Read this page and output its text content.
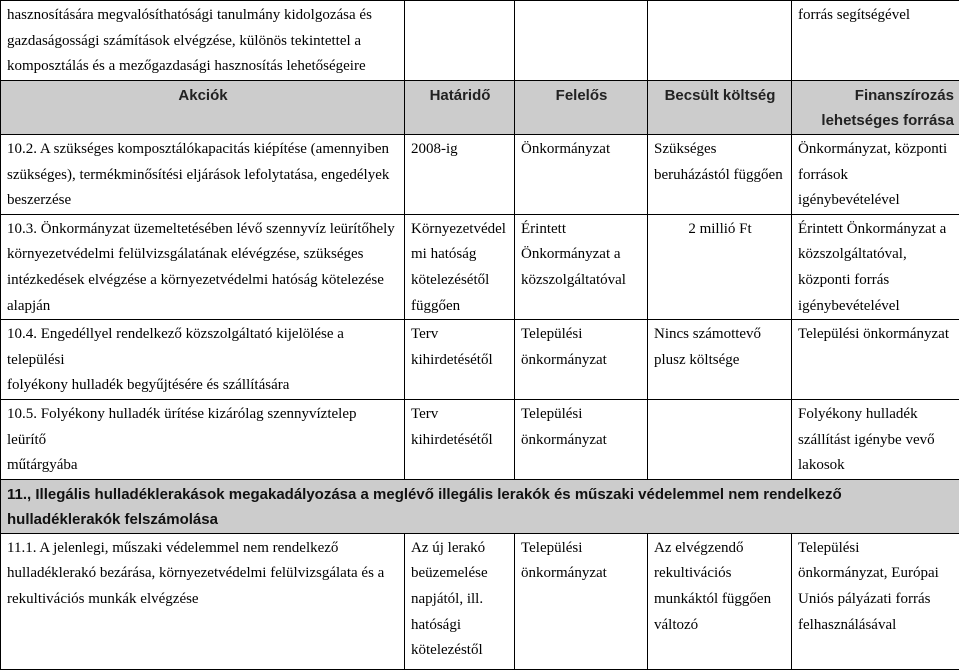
hasznosítására megvalósíthatósági tanulmány kidolgozása és
gazdaságossági számítások elvégzése, különös tekintettel a
komposztálás és a mezőgazdasági hasznosítás lehetőségeire				forrás segítségével

Akciók	Határidő	Felelős	Becsült költség	Finanszírozás
lehetséges forrása

10.2. A szükséges komposztálókapacitás kiépítése (amennyiben
szükséges), termékminősítési eljárások lefolytatása, engedélyek
beszerzése	2008-ig	Önkormányzat	Szükséges
beruházástól függően	Önkormányzat, központi
források
igénybevételével

10.3. Önkormányzat üzemeltetésében lévő szennyvíz leürítőhely
környezetvédelmi felülvizsgálatának elévégzése, szükséges
intézkedések elvégzése a környezetvédelmi hatóság kötelezése
alapján	Környezetvédel
mi hatóság
kötelezésétől
függően	Érintett
Önkormányzat a
közszolgáltatóval	2 millió Ft	Érintett Önkormányzat a
közszolgáltatóval,
központi forrás
igénybevételével

10.4. Engedéllyel rendelkező közszolgáltató kijelölése a települési
folyékony hulladék begyűjtésére és szállítására	Terv
kihirdetésétől	Települési
önkormányzat	Nincs számottevő
plusz költsége	Települési önkormányzat

10.5. Folyékony hulladék ürítése kizárólag szennyvíztelep leürítő
műtárgyába	Terv
kihirdetésétől	Települési
önkormányzat		Folyékony hulladék
szállítást igénybe vevő
lakosok

11., Illegális hulladéklerakások megakadályozása a meglévő illegális lerakók és műszaki védelemmel nem rendelkező hulladéklerakók felszámolása				

11.1. A jelenlegi, műszaki védelemmel nem rendelkező
hulladéklerakó bezárása, környezetvédelmi felülvizsgálata és a
rekultivációs munkák elvégzése	Az új lerakó
beüzemelése
napjától, ill.
hatósági
kötelezéstől	Települési
önkormányzat	Az elvégzendő
rekultivációs
munkáktól függően
változó	Települési
önkormányzat, Európai
Uniós pályázati forrás
felhasználásával
